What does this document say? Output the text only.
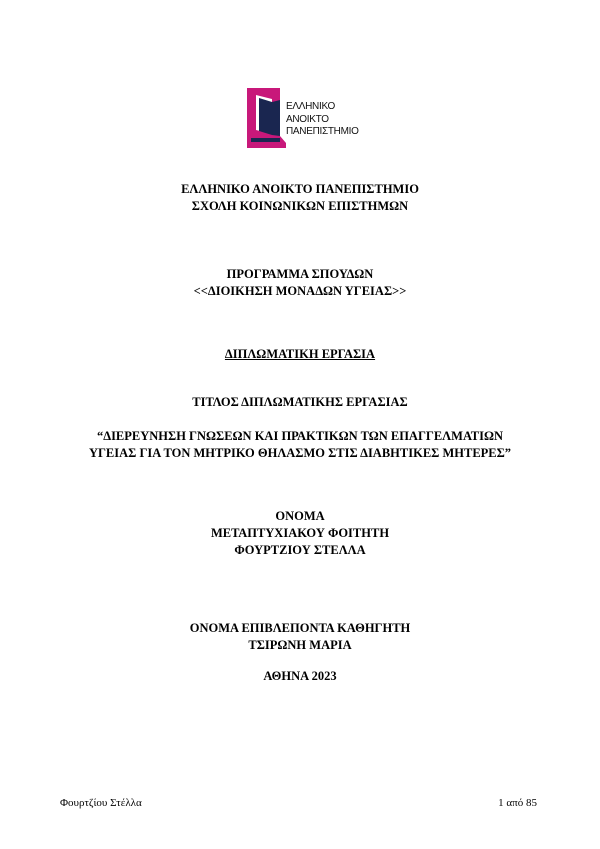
ΕΛΛΗΝΙΚΟ
ΑΝΟΙΚΤΟ
ΠΑΝΕΠΙΣΤΗΜΙΟ
ΕΛΛΗΝΙΚΟ ΑΝΟΙΚΤΟ ΠΑΝΕΠΙΣΤΗΜΙΟ
ΣΧΟΛΗ ΚΟΙΝΩΝΙΚΩΝ ΕΠΙΣΤΗΜΩΝ
ΠΡΟΓΡΑΜΜΑ ΣΠΟΥΔΩΝ
<<ΔΙΟΙΚΗΣΗ ΜΟΝΑΔΩΝ ΥΓΕΙΑΣ>>
ΔΙΠΛΩΜΑΤΙΚΗ ΕΡΓΑΣΙΑ
ΤΙΤΛΟΣ ΔΙΠΛΩΜΑΤΙΚΗΣ ΕΡΓΑΣΙΑΣ
“ΔΙΕΡΕΥΝΗΣΗ ΓΝΩΣΕΩΝ ΚΑΙ ΠΡΑΚΤΙΚΩΝ ΤΩΝ ΕΠΑΓΓΕΛΜΑΤΙΩΝ
ΥΓΕΙΑΣ ΓΙΑ ΤΟΝ ΜΗΤΡΙΚΟ ΘΗΛΑΣΜΟ ΣΤΙΣ ΔΙΑΒΗΤΙΚΕΣ ΜΗΤΕΡΕΣ”
ΟΝΟΜΑ
ΜΕΤΑΠΤΥΧΙΑΚΟΥ ΦΟΙΤΗΤΗ
ΦΟΥΡΤΖΙΟΥ ΣΤΕΛΛΑ
ΟΝΟΜΑ ΕΠΙΒΛΕΠΟΝΤΑ ΚΑΘΗΓΗΤΗ
ΤΣΙΡΩΝΗ ΜΑΡΙΑ
ΑΘΗΝΑ 2023
Φουρτζίου Στέλλα	1 από 85
